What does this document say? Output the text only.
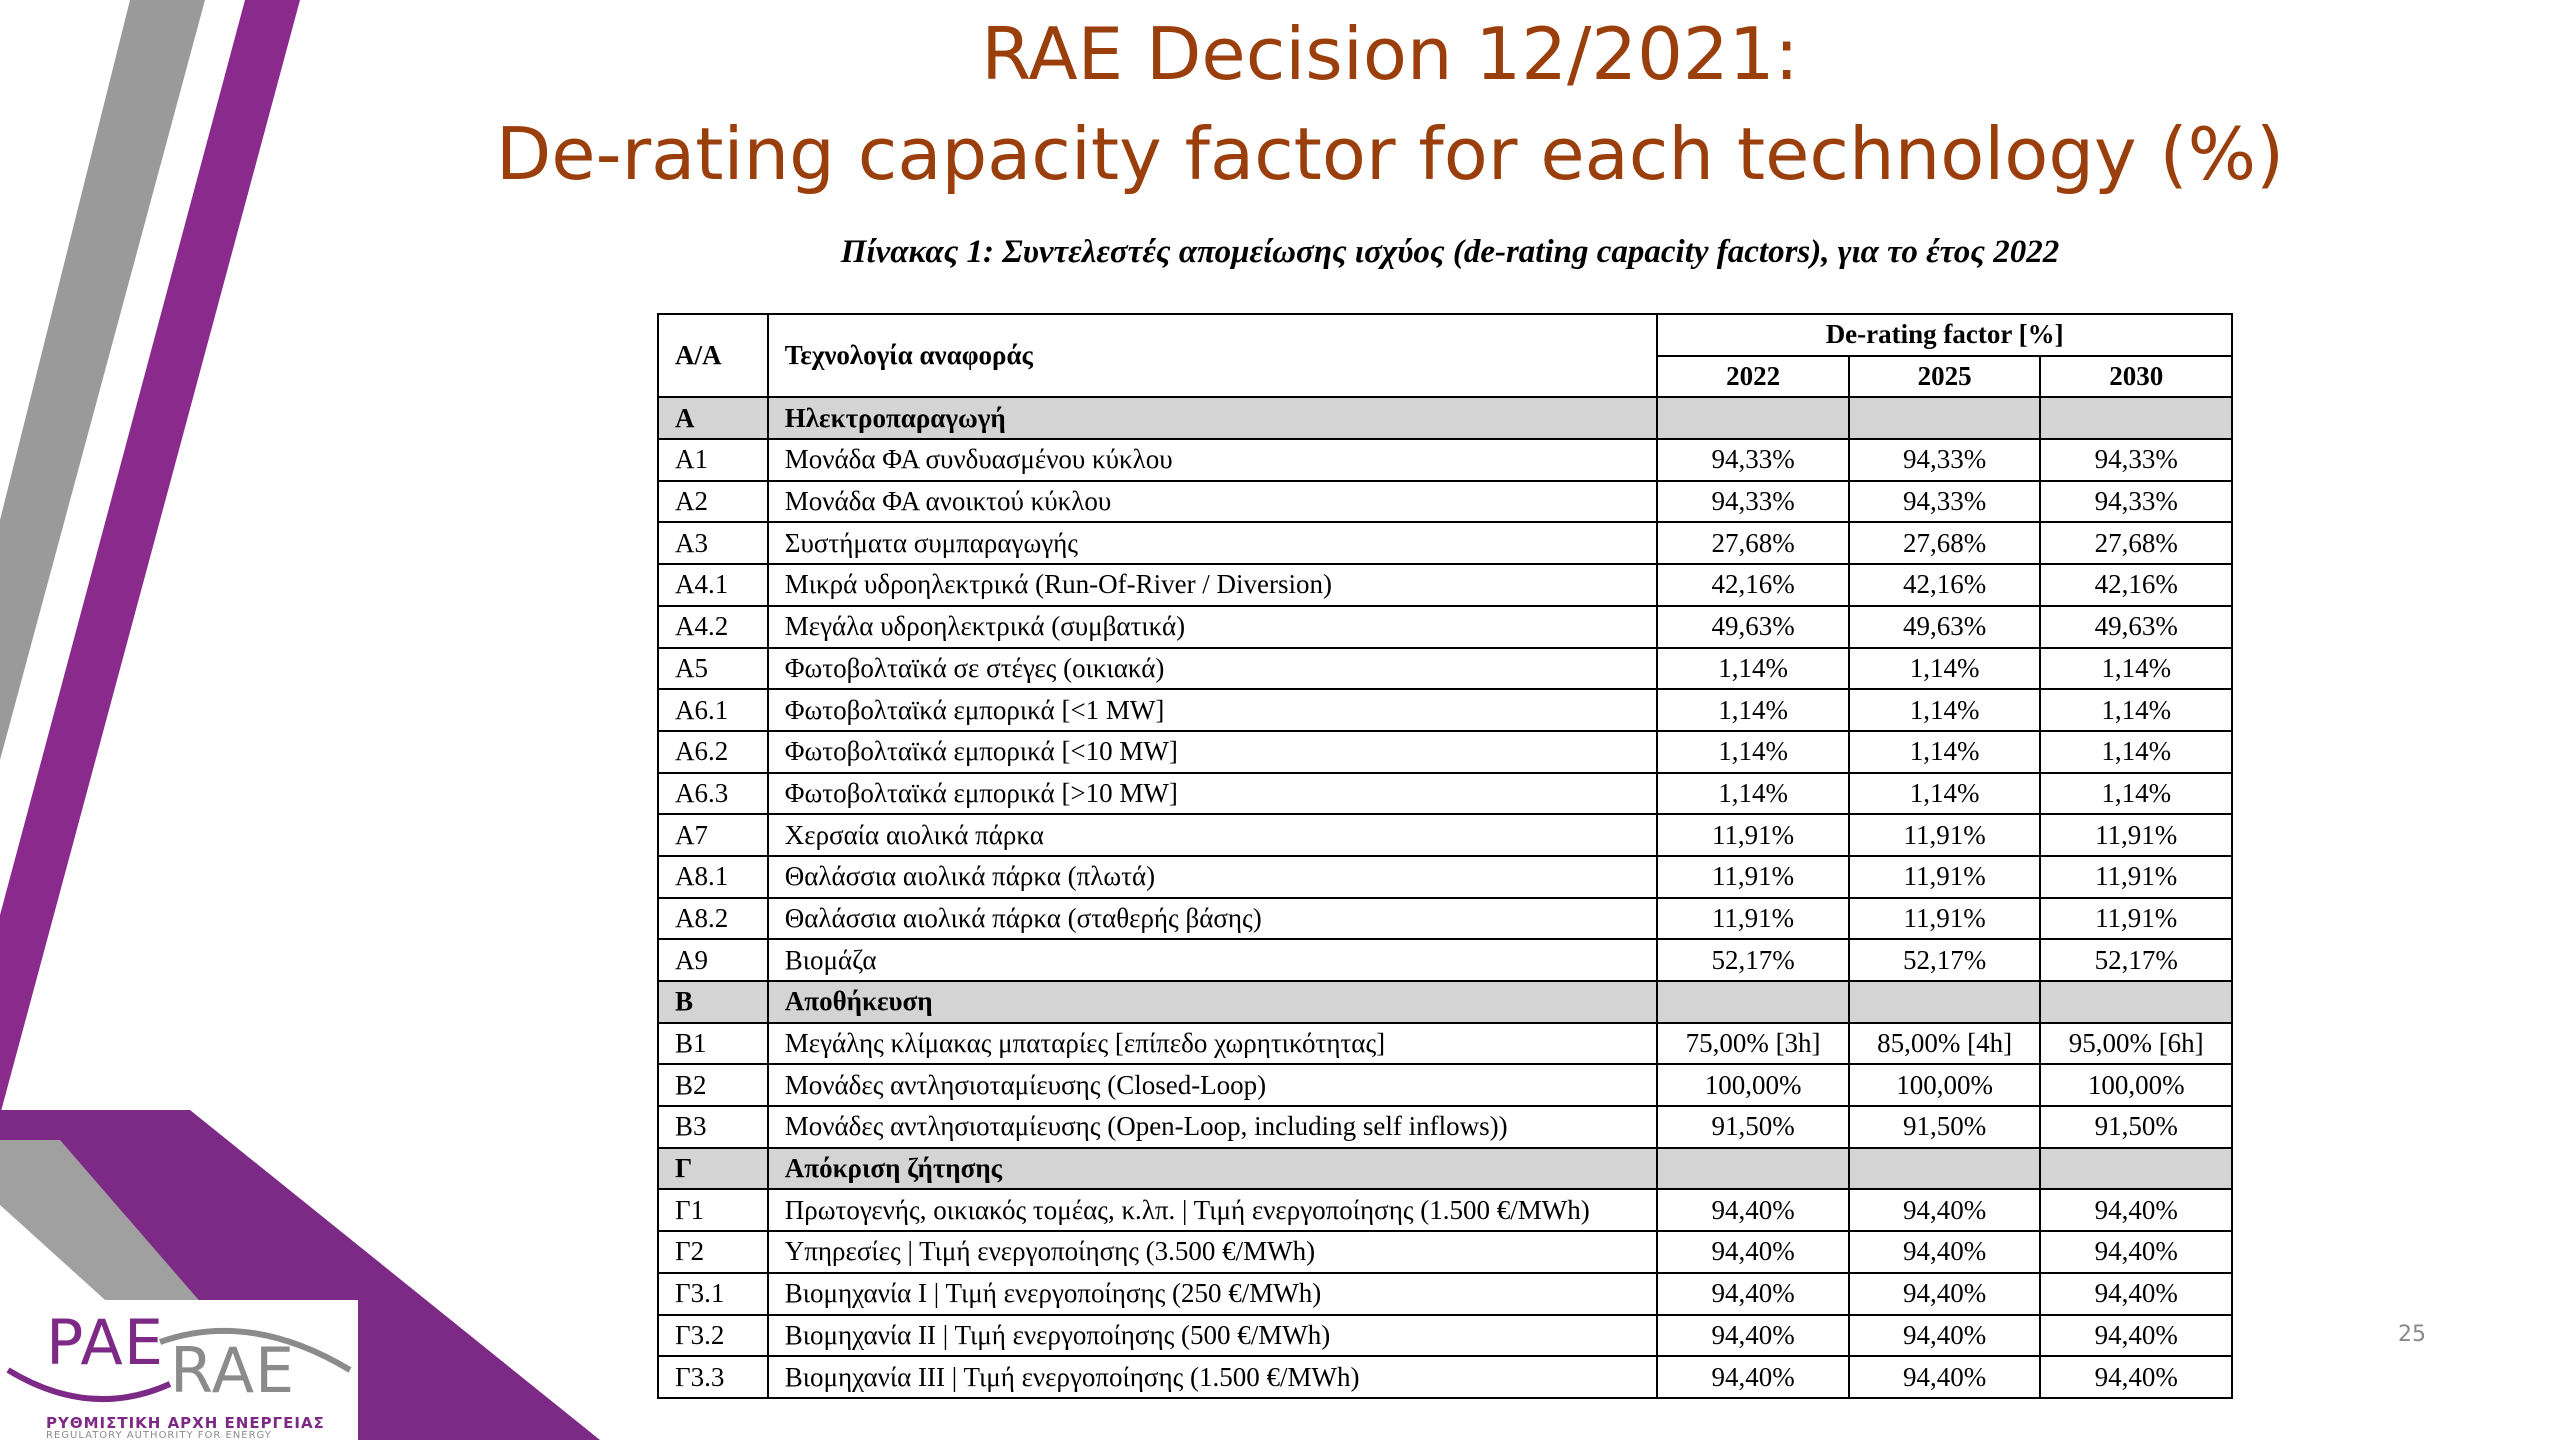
RAE Decision 12/2021:
De-rating capacity factor for each technology (%)
Πίνακας 1: Συντελεστές απομείωσης ισχύος (de-rating capacity factors), για το έτος 2022
Α/Α	Τεχνολογία αναφοράς	De-rating factor [%]		
		2022	2025	2030
Α	Ηλεκτροπαραγωγή			
Α1	Μονάδα ΦΑ συνδυασμένου κύκλου	94,33%	94,33%	94,33%
Α2	Μονάδα ΦΑ ανοικτού κύκλου	94,33%	94,33%	94,33%
Α3	Συστήματα συμπαραγωγής	27,68%	27,68%	27,68%
Α4.1	Μικρά υδροηλεκτρικά (Run-Of-River / Diversion)	42,16%	42,16%	42,16%
Α4.2	Μεγάλα υδροηλεκτρικά (συμβατικά)	49,63%	49,63%	49,63%
Α5	Φωτοβολταϊκά σε στέγες (οικιακά)	1,14%	1,14%	1,14%
Α6.1	Φωτοβολταϊκά εμπορικά [<1 MW]	1,14%	1,14%	1,14%
Α6.2	Φωτοβολταϊκά εμπορικά [<10 MW]	1,14%	1,14%	1,14%
Α6.3	Φωτοβολταϊκά εμπορικά [>10 MW]	1,14%	1,14%	1,14%
Α7	Χερσαία αιολικά πάρκα	11,91%	11,91%	11,91%
Α8.1	Θαλάσσια αιολικά πάρκα (πλωτά)	11,91%	11,91%	11,91%
Α8.2	Θαλάσσια αιολικά πάρκα (σταθερής βάσης)	11,91%	11,91%	11,91%
Α9	Βιομάζα	52,17%	52,17%	52,17%
Β	Αποθήκευση			
Β1	Μεγάλης κλίμακας μπαταρίες [επίπεδο χωρητικότητας]	75,00% [3h]	85,00% [4h]	95,00% [6h]
Β2	Μονάδες αντλησιοταμίευσης (Closed-Loop)	100,00%	100,00%	100,00%
Β3	Μονάδες αντλησιοταμίευσης (Open-Loop, including self inflows))	91,50%	91,50%	91,50%
Γ	Απόκριση ζήτησης			
Γ1	Πρωτογενής, οικιακός τομέας, κ.λπ. | Τιμή ενεργοποίησης (1.500 €/MWh)	94,40%	94,40%	94,40%
Γ2	Υπηρεσίες | Τιμή ενεργοποίησης (3.500 €/MWh)	94,40%	94,40%	94,40%
Γ3.1	Βιομηχανία Ι | Τιμή ενεργοποίησης (250 €/MWh)	94,40%	94,40%	94,40%
Γ3.2	Βιομηχανία ΙΙ | Τιμή ενεργοποίησης (500 €/MWh)	94,40%	94,40%	94,40%
Γ3.3	Βιομηχανία ΙΙΙ | Τιμή ενεργοποίησης (1.500 €/MWh)	94,40%	94,40%	94,40%
25
PAE RAE
ΡΥΘΜΙΣΤΙΚΗ ΑΡΧΗ ΕΝΕΡΓΕΙΑΣ
REGULATORY AUTHORITY FOR ENERGY
